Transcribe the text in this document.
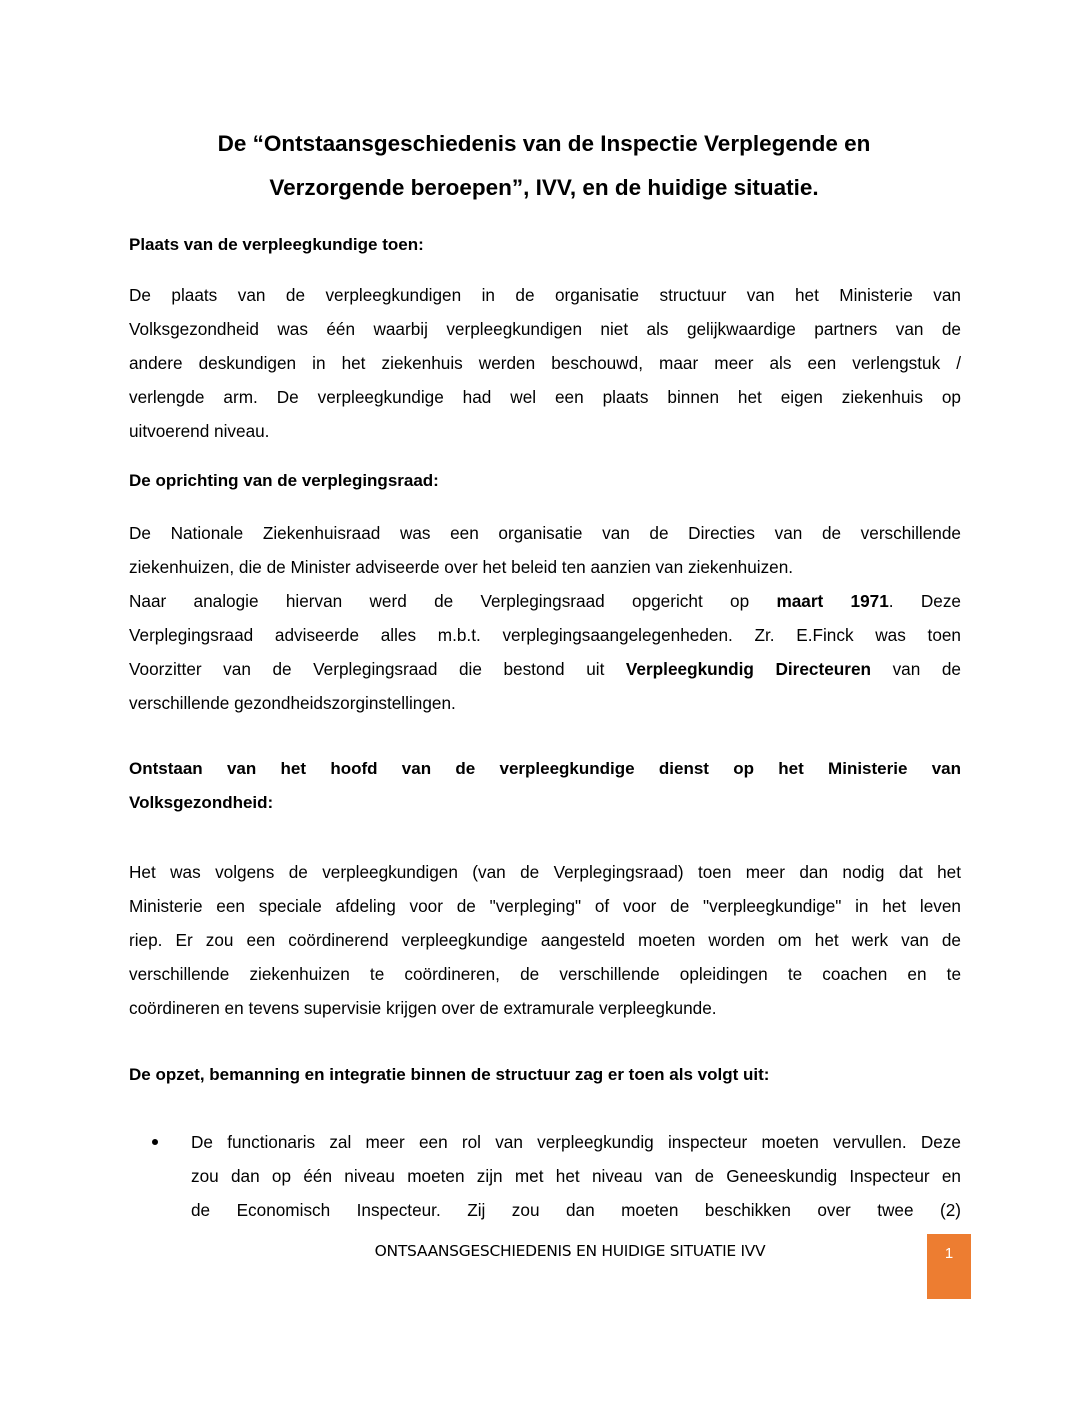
De “Ontstaansgeschiedenis van de Inspectie Verplegende en
Verzorgende beroepen”, IVV, en de huidige situatie.
Plaats van de verpleegkundige toen:
De plaats van de verpleegkundigen in de organisatie structuur van het Ministerie van
Volksgezondheid was één waarbij verpleegkundigen niet als gelijkwaardige partners van de
andere deskundigen in het ziekenhuis werden beschouwd, maar meer als een verlengstuk /
verlengde arm. De verpleegkundige had wel een plaats binnen het eigen ziekenhuis op
uitvoerend niveau.
De oprichting van de verplegingsraad:
De Nationale Ziekenhuisraad was een organisatie van de Directies van de verschillende
ziekenhuizen, die de Minister adviseerde over het beleid ten aanzien van ziekenhuizen.
Naar analogie hiervan werd de Verplegingsraad opgericht op maart 1971. Deze
Verplegingsraad adviseerde alles m.b.t. verplegingsaangelegenheden. Zr. E.Finck was toen
Voorzitter van de Verplegingsraad die bestond uit Verpleegkundig Directeuren van de
verschillende gezondheidszorginstellingen.
Ontstaan van het hoofd van de verpleegkundige dienst op het Ministerie van
Volksgezondheid:
Het was volgens de verpleegkundigen (van de Verplegingsraad) toen meer dan nodig dat het
Ministerie een speciale afdeling voor de "verpleging" of voor de "verpleegkundige" in het leven
riep. Er zou een coördinerend verpleegkundige aangesteld moeten worden om het werk van de
verschillende ziekenhuizen te coördineren, de verschillende opleidingen te coachen en te
coördineren en tevens supervisie krijgen over de extramurale verpleegkunde.
De opzet, bemanning en integratie binnen de structuur zag er toen als volgt uit:
De functionaris zal meer een rol van verpleegkundig inspecteur moeten vervullen. Deze
zou dan op één niveau moeten zijn met het niveau van de Geneeskundig Inspecteur en
de Economisch Inspecteur. Zij zou dan moeten beschikken over twee (2)
ONTSAANSGESCHIEDENIS EN HUIDIGE SITUATIE IVV	1
